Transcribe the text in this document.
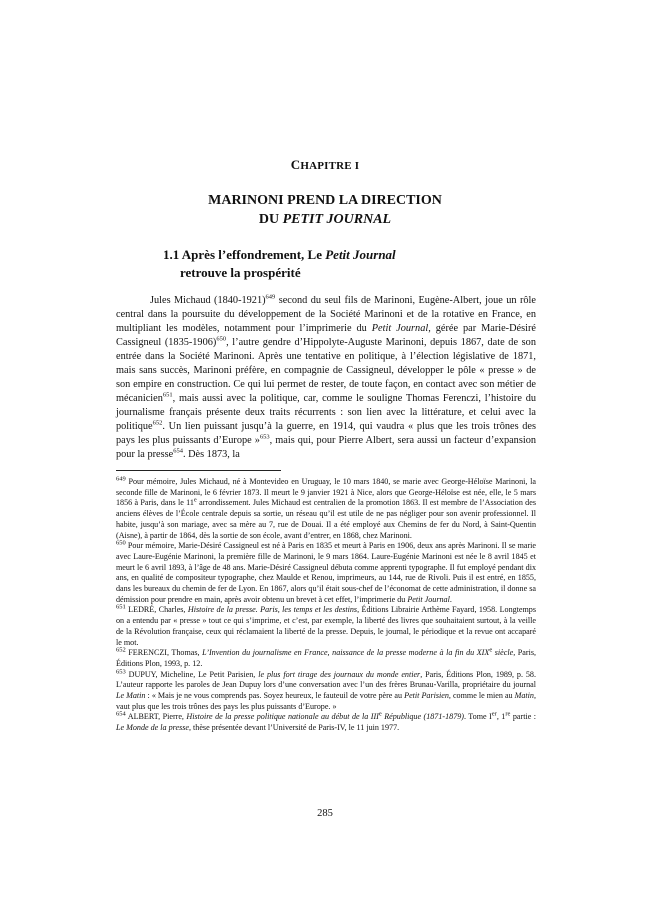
CHAPITRE I
MARINONI PREND LA DIRECTION
DU PETIT JOURNAL
1.1 Après l’effondrement, Le Petit Journal
retrouve la prospérité

Jules Michaud (1840-1921)$^{649}$ second du seul fils de Marinoni, Eugène-Albert, joue un rôle central dans la poursuite du développement de la Société Marinoni et de la rotative en France, en multipliant les modèles, notamment pour l’imprimerie du Petit Journal, gérée par Marie-Désiré Cassigneul (1835-1906)$^{650}$, l’autre gendre d’Hippolyte-Auguste Marinoni, depuis 1867, date de son entrée dans la Société Marinoni. Après une tentative en politique, à l’élection législative de 1871, mais sans succès, Marinoni préfère, en compagnie de Cassigneul, développer le pôle « presse » de son empire en construction. Ce qui lui permet de rester, de toute façon, en contact avec son métier de mécanicien$^{651}$, mais aussi avec la politique, car, comme le souligne Thomas Ferenczi, l’histoire du journalisme français présente deux traits récurrents : son lien avec la littérature, et celui avec la politique$^{652}$. Un lien puissant jusqu’à la guerre, en 1914, qui vaudra « plus que les trois trônes des pays les plus puissants d’Europe »$^{653}$, mais qui, pour Pierre Albert, sera aussi un facteur d’expansion pour la presse$^{654}$. Dès 1873, la

$^{649}$ Pour mémoire, Jules Michaud, né à Montevideo en Uruguay, le 10 mars 1840, se marie avec George-Héloïse Marinoni, la seconde fille de Marinoni, le 6 février 1873. Il meurt le 9 janvier 1921 à Nice, alors que George-Héloïse est née, elle, le 5 mars 1856 à Paris, dans le 11e arrondissement. Jules Michaud est centralien de la promotion 1863. Il est membre de l’Association des anciens élèves de l’École centrale depuis sa sortie, un réseau qu’il est utile de ne pas négliger pour son avenir professionnel. Il habite, jusqu’à son mariage, avec sa mère au 7, rue de Douai. Il a été employé aux Chemins de fer du Nord, à Saint-Quentin (Aisne), à partir de 1864, dès la sortie de son école, avant d’entrer, en 1868, chez Marinoni.

$^{650}$ Pour mémoire, Marie-Désiré Cassigneul est né à Paris en 1835 et meurt à Paris en 1906, deux ans après Marinoni. Il se marie avec Laure-Eugénie Marinoni, la première fille de Marinoni, le 9 mars 1864. Laure-Eugénie Marinoni est née le 8 avril 1845 et meurt le 6 avril 1893, à l’âge de 48 ans. Marie-Désiré Cassigneul débuta comme apprenti typographe. Il fut employé pendant dix ans, en qualité de compositeur typographe, chez Maulde et Renou, imprimeurs, au 144, rue de Rivoli. Puis il est entré, en 1855, dans les bureaux du chemin de fer de Lyon. En 1867, alors qu’il était sous-chef de l’économat de cette administration, il donne sa démission pour prendre en main, après avoir obtenu un brevet à cet effet, l’imprimerie du Petit Journal.

$^{651}$ LEDRÉ, Charles, Histoire de la presse. Paris, les temps et les destins, Éditions Librairie Arthème Fayard, 1958. Longtemps on a entendu par « presse » tout ce qui s’imprime, et c’est, par exemple, la liberté des livres que souhaitaient surtout, à la veille de la Révolution française, ceux qui réclamaient la liberté de la presse. Depuis, le journal, le périodique et la revue ont accaparé le mot.

$^{652}$ FERENCZI, Thomas, L’Invention du journalisme en France, naissance de la presse moderne à la fin du XIXe siècle, Paris, Éditions Plon, 1993, p. 12.

$^{653}$ DUPUY, Micheline, Le Petit Parisien, le plus fort tirage des journaux du monde entier, Paris, Éditions Plon, 1989, p. 58. L’auteur rapporte les paroles de Jean Dupuy lors d’une conversation avec l’un des frères Brunau-Varilla, propriétaire du journal Le Matin : « Mais je ne vous comprends pas. Soyez heureux, le fauteuil de votre père au Petit Parisien, comme le mien au Matin, vaut plus que les trois trônes des pays les plus puissants d’Europe. »

$^{654}$ ALBERT, Pierre, Histoire de la presse politique nationale au début de la IIIe République (1871-1879). Tome Ier, 1re partie : Le Monde de la presse, thèse présentée devant l’Université de Paris-IV, le 11 juin 1977.

285
